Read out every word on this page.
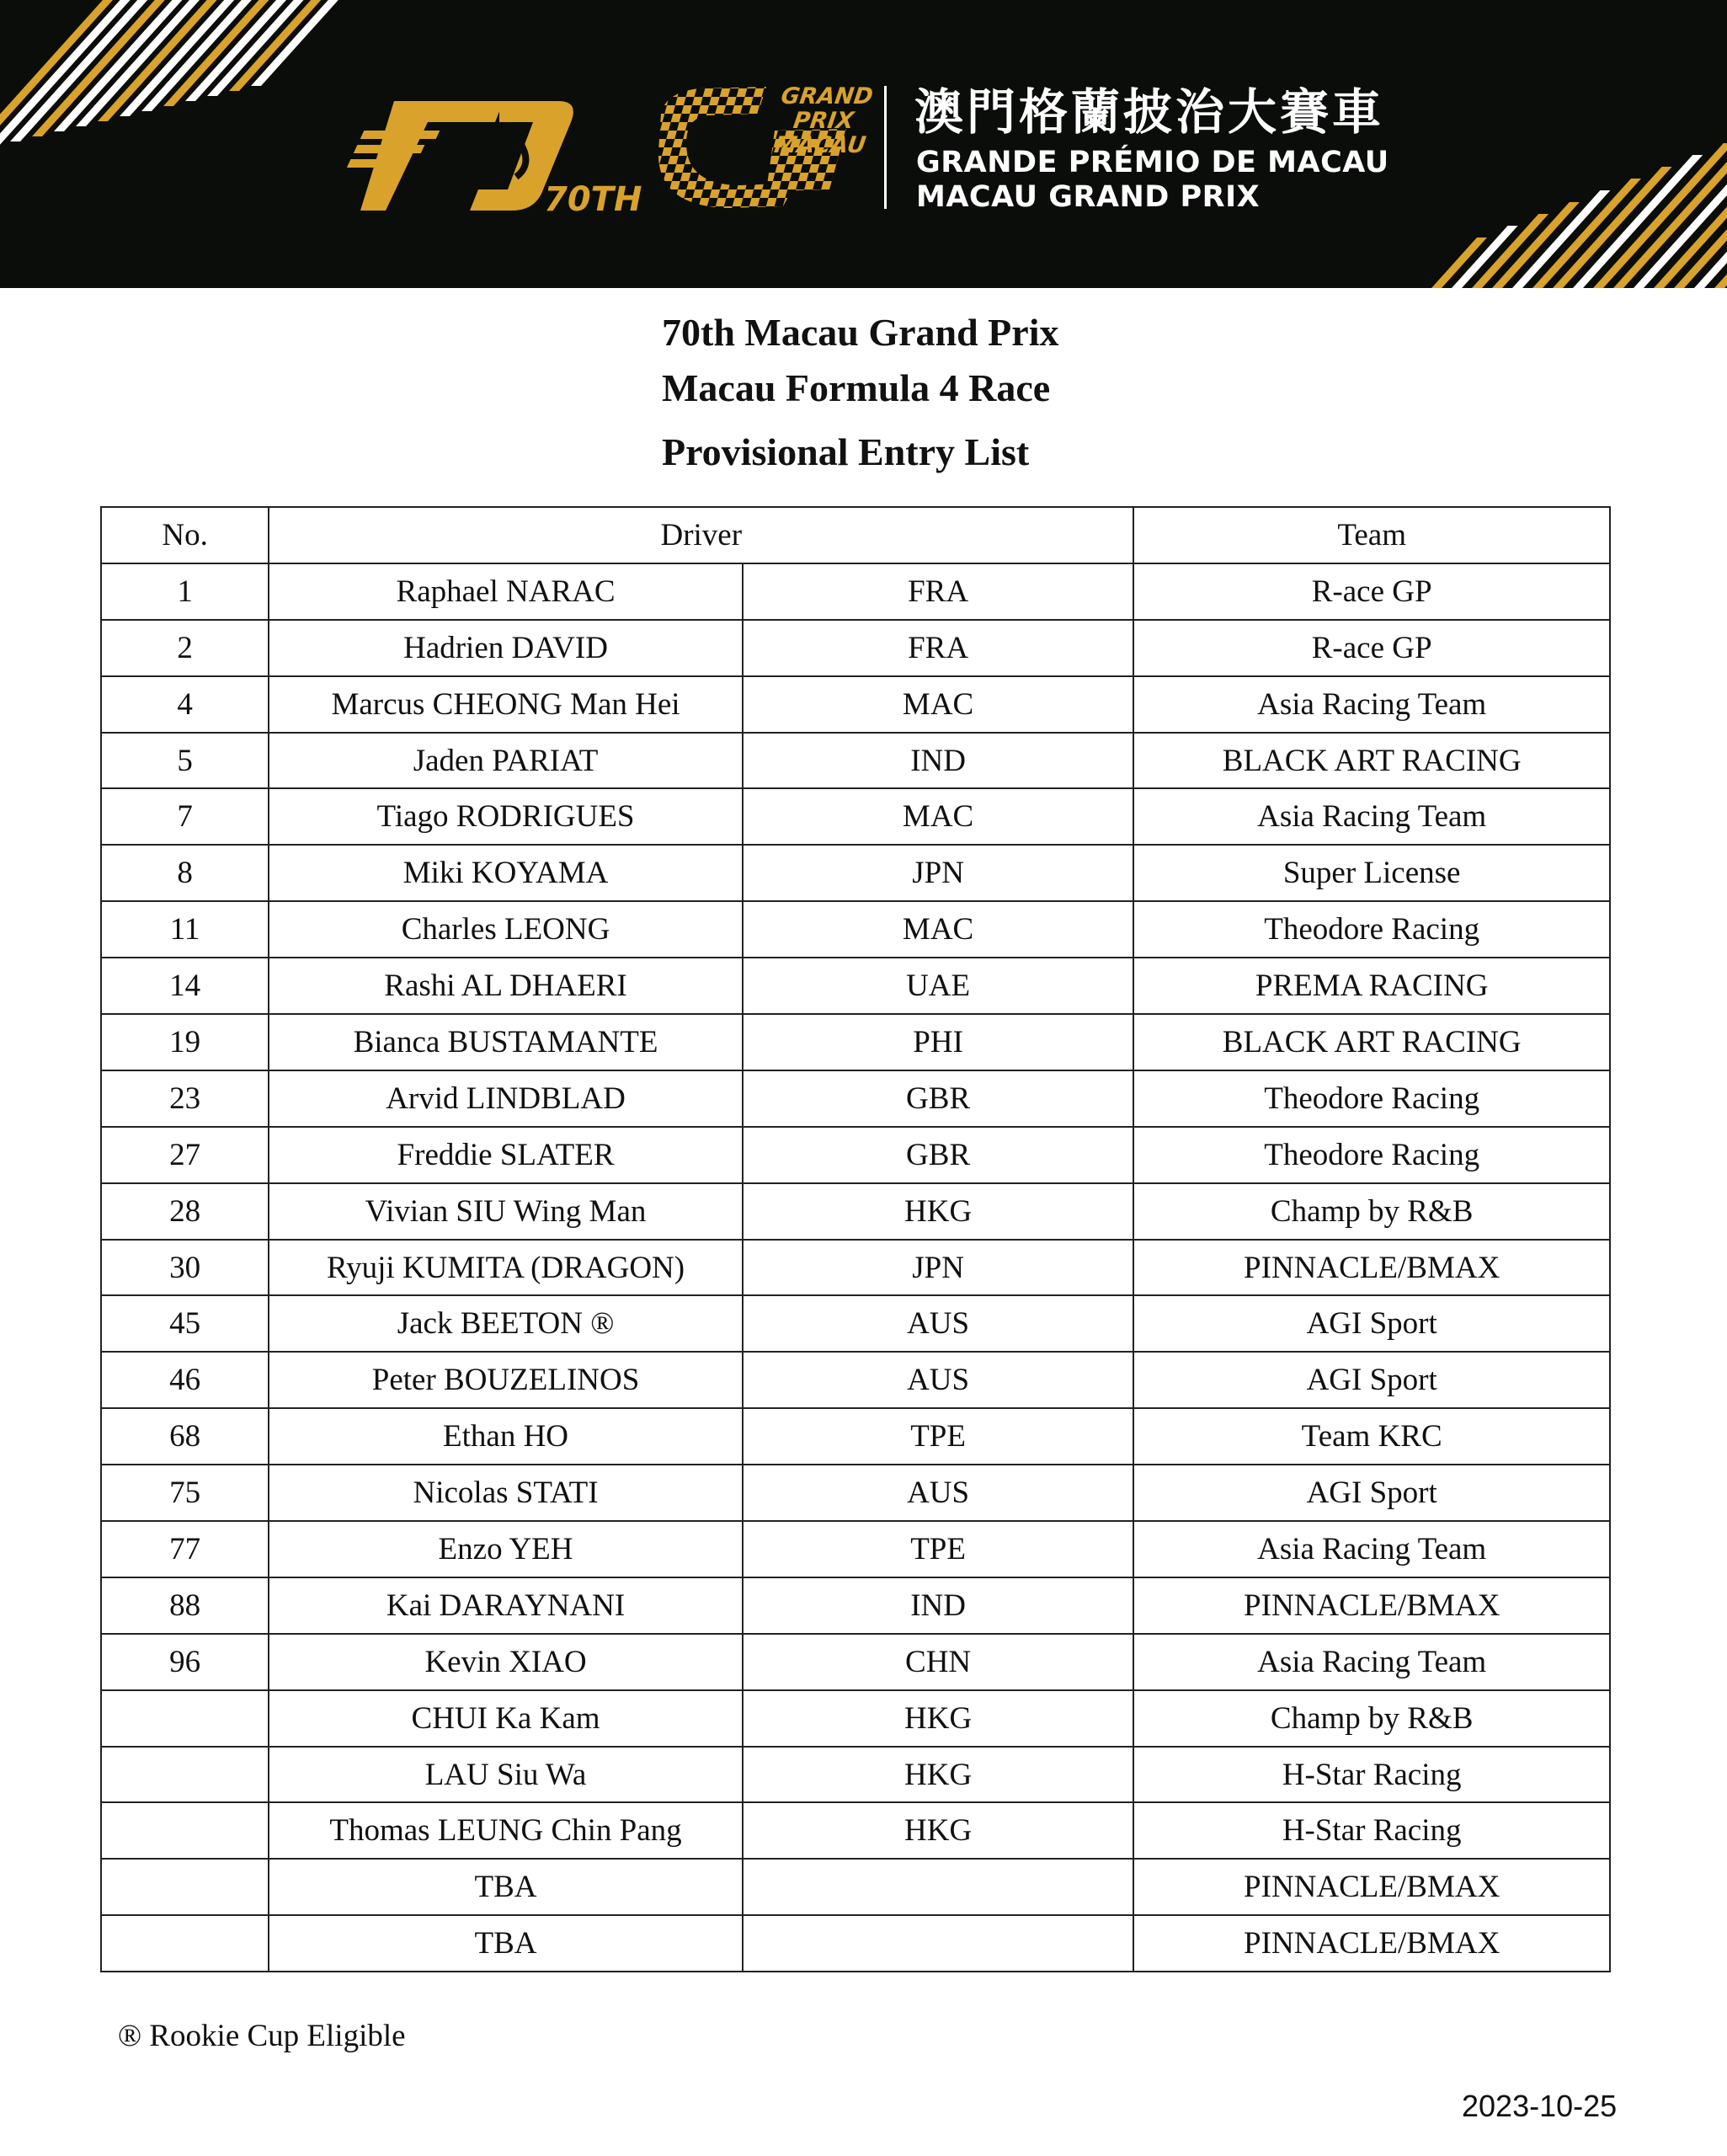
70TH
GRAND
PRIX
MACAU
澳門格蘭披治大賽車
GRANDE PRÉMIO DE MACAU
MACAU GRAND PRIX
70th Macau Grand Prix
Macau Formula 4 Race
Provisional Entry List
No.	Driver		Team
1	Raphael NARAC	FRA	R-ace GP
2	Hadrien DAVID	FRA	R-ace GP
4	Marcus CHEONG Man Hei	MAC	Asia Racing Team
5	Jaden PARIAT	IND	BLACK ART RACING
7	Tiago RODRIGUES	MAC	Asia Racing Team
8	Miki KOYAMA	JPN	Super License
11	Charles LEONG	MAC	Theodore Racing
14	Rashi AL DHAERI	UAE	PREMA RACING
19	Bianca BUSTAMANTE	PHI	BLACK ART RACING
23	Arvid LINDBLAD	GBR	Theodore Racing
27	Freddie SLATER	GBR	Theodore Racing
28	Vivian SIU Wing Man	HKG	Champ by R&B
30	Ryuji KUMITA (DRAGON)	JPN	PINNACLE/BMAX
45	Jack BEETON ®	AUS	AGI Sport
46	Peter BOUZELINOS	AUS	AGI Sport
68	Ethan HO	TPE	Team KRC
75	Nicolas STATI	AUS	AGI Sport
77	Enzo YEH	TPE	Asia Racing Team
88	Kai DARAYNANI	IND	PINNACLE/BMAX
96	Kevin XIAO	CHN	Asia Racing Team
	CHUI Ka Kam	HKG	Champ by R&B
	LAU Siu Wa	HKG	H-Star Racing
	Thomas LEUNG Chin Pang	HKG	H-Star Racing
	TBA		PINNACLE/BMAX
	TBA		PINNACLE/BMAX
® Rookie Cup Eligible
2023-10-25
